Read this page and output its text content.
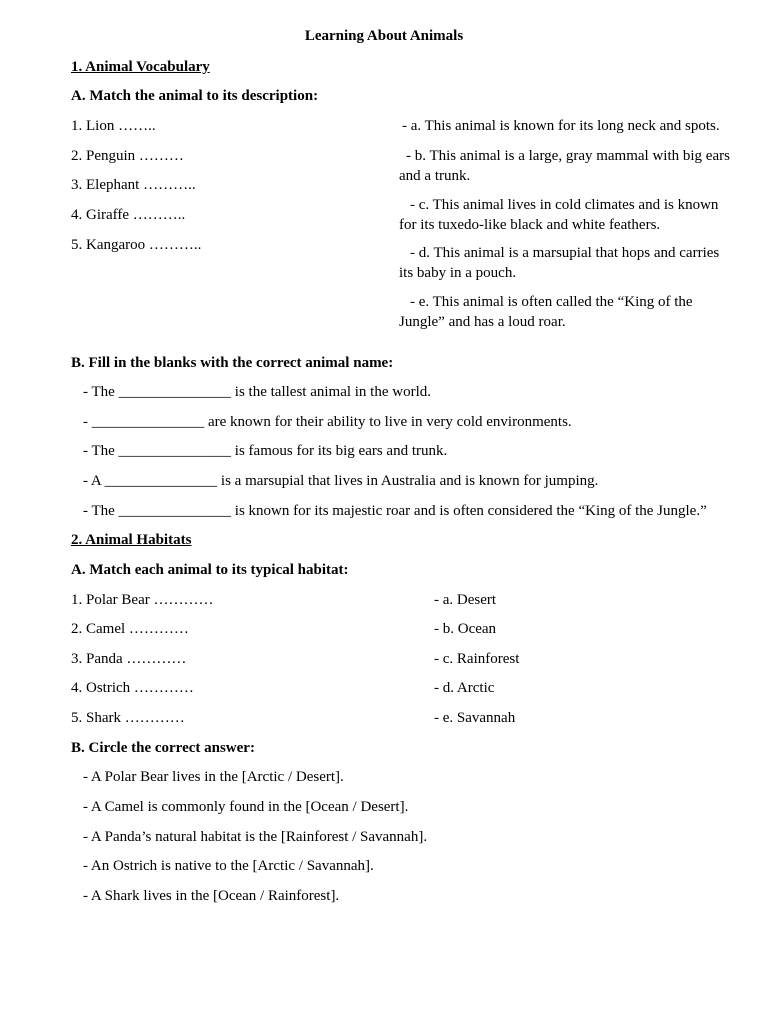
Learning About Animals
1. Animal Vocabulary
A. Match the animal to its description:
1. Lion ……..
2. Penguin ………
3. Elephant ………..
4. Giraffe ………..
5. Kangaroo ………..
- a. This animal is known for its long neck and spots.
- b. This animal is a large, gray mammal with big ears and a trunk.
- c. This animal lives in cold climates and is known for its tuxedo-like black and white feathers.
- d. This animal is a marsupial that hops and carries its baby in a pouch.
- e. This animal is often called the “King of the Jungle” and has a loud roar.
B. Fill in the blanks with the correct animal name:
- The _______________ is the tallest animal in the world.
- _______________ are known for their ability to live in very cold environments.
- The _______________ is famous for its big ears and trunk.
- A _______________ is a marsupial that lives in Australia and is known for jumping.
- The _______________ is known for its majestic roar and is often considered the “King of the Jungle.”
2. Animal Habitats
A. Match each animal to its typical habitat:
1. Polar Bear …………
2. Camel …………
3. Panda …………
4. Ostrich …………
5. Shark …………
- a. Desert
- b. Ocean
- c. Rainforest
- d. Arctic
- e. Savannah
B. Circle the correct answer:
- A Polar Bear lives in the [Arctic / Desert].
- A Camel is commonly found in the [Ocean / Desert].
- A Panda’s natural habitat is the [Rainforest / Savannah].
- An Ostrich is native to the [Arctic / Savannah].
- A Shark lives in the [Ocean / Rainforest].
